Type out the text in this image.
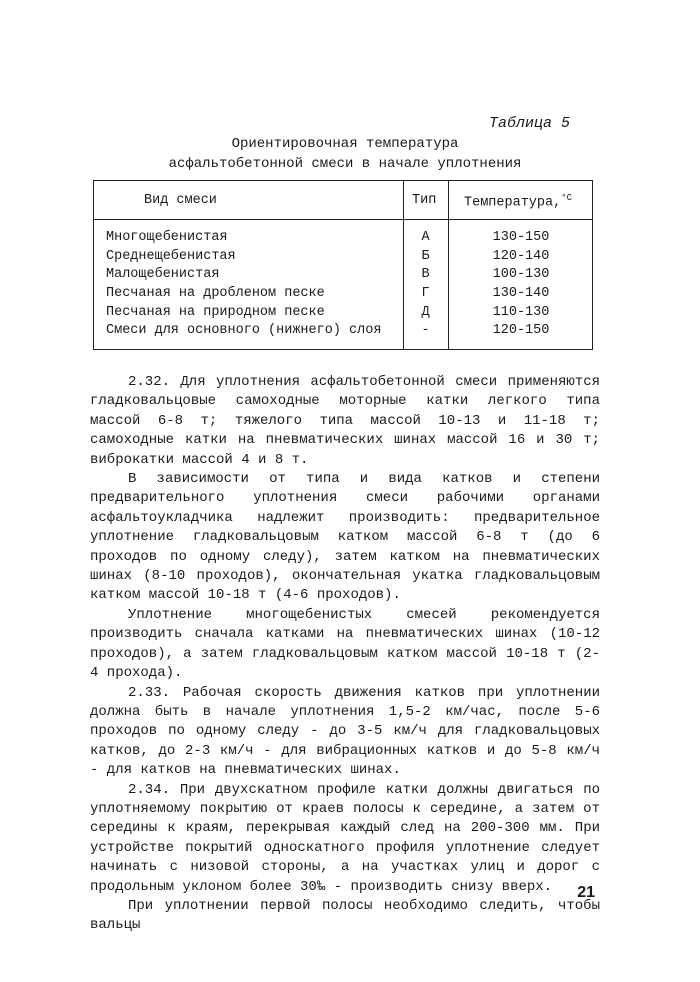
Таблица 5
Ориентировочная температура
асфальтобетонной смеси в начале уплотнения
Вид смеси	Тип Температура,$^{^\circ С}$
Многощебенистая	А	130-150
Среднещебенистая	Б	120-140
Малощебенистая	В	100-130
Песчаная на дробленом песке	Г	130-140
Песчаная на природном песке	Д	110-130
Смеси для основного (нижнего) слоя	-	120-150

2.32. Для уплотнения асфальтобетонной смеси применяются гладковальцовые самоходные моторные катки легкого типа массой 6-8 т; тяжелого типа массой 10-13 и 11-18 т; самоходные катки на пневматических шинах массой 16 и 30 т; виброкатки массой 4 и 8 т.

В зависимости от типа и вида катков и степени предварительного уплотнения смеси рабочими органами асфальтоукладчика надлежит производить: предварительное уплотнение гладковальцовым катком массой 6-8 т (до 6 проходов по одному следу), затем катком на пневматических шинах (8-10 проходов), окончательная укатка гладковальцовым катком массой 10-18 т (4-6 проходов).

Уплотнение многощебенистых смесей рекомендуется производить сначала катками на пневматических шинах (10-12 проходов), а затем гладковальцовым катком массой 10-18 т (2-4 прохода).

2.33. Рабочая скорость движения катков при уплотнении должна быть в начале уплотнения 1,5-2 км/час, после 5-6 проходов по одному следу - до 3-5 км/ч для гладковальцовых катков, до 2-3 км/ч - для вибрационных катков и до 5-8 км/ч - для катков на пневматических шинах.

2.34. При двухскатном профиле катки должны двигаться по уплотняемому покрытию от краев полосы к середине, а затем от середины к краям, перекрывая каждый след на 200-300 мм. При устройстве покрытий односкатного профиля уплотнение следует начинать с низовой стороны, а на участках улиц и дорог с продольным уклоном более 30‰ - производить снизу вверх.

При уплотнении первой полосы необходимо следить, чтобы вальцы

21
